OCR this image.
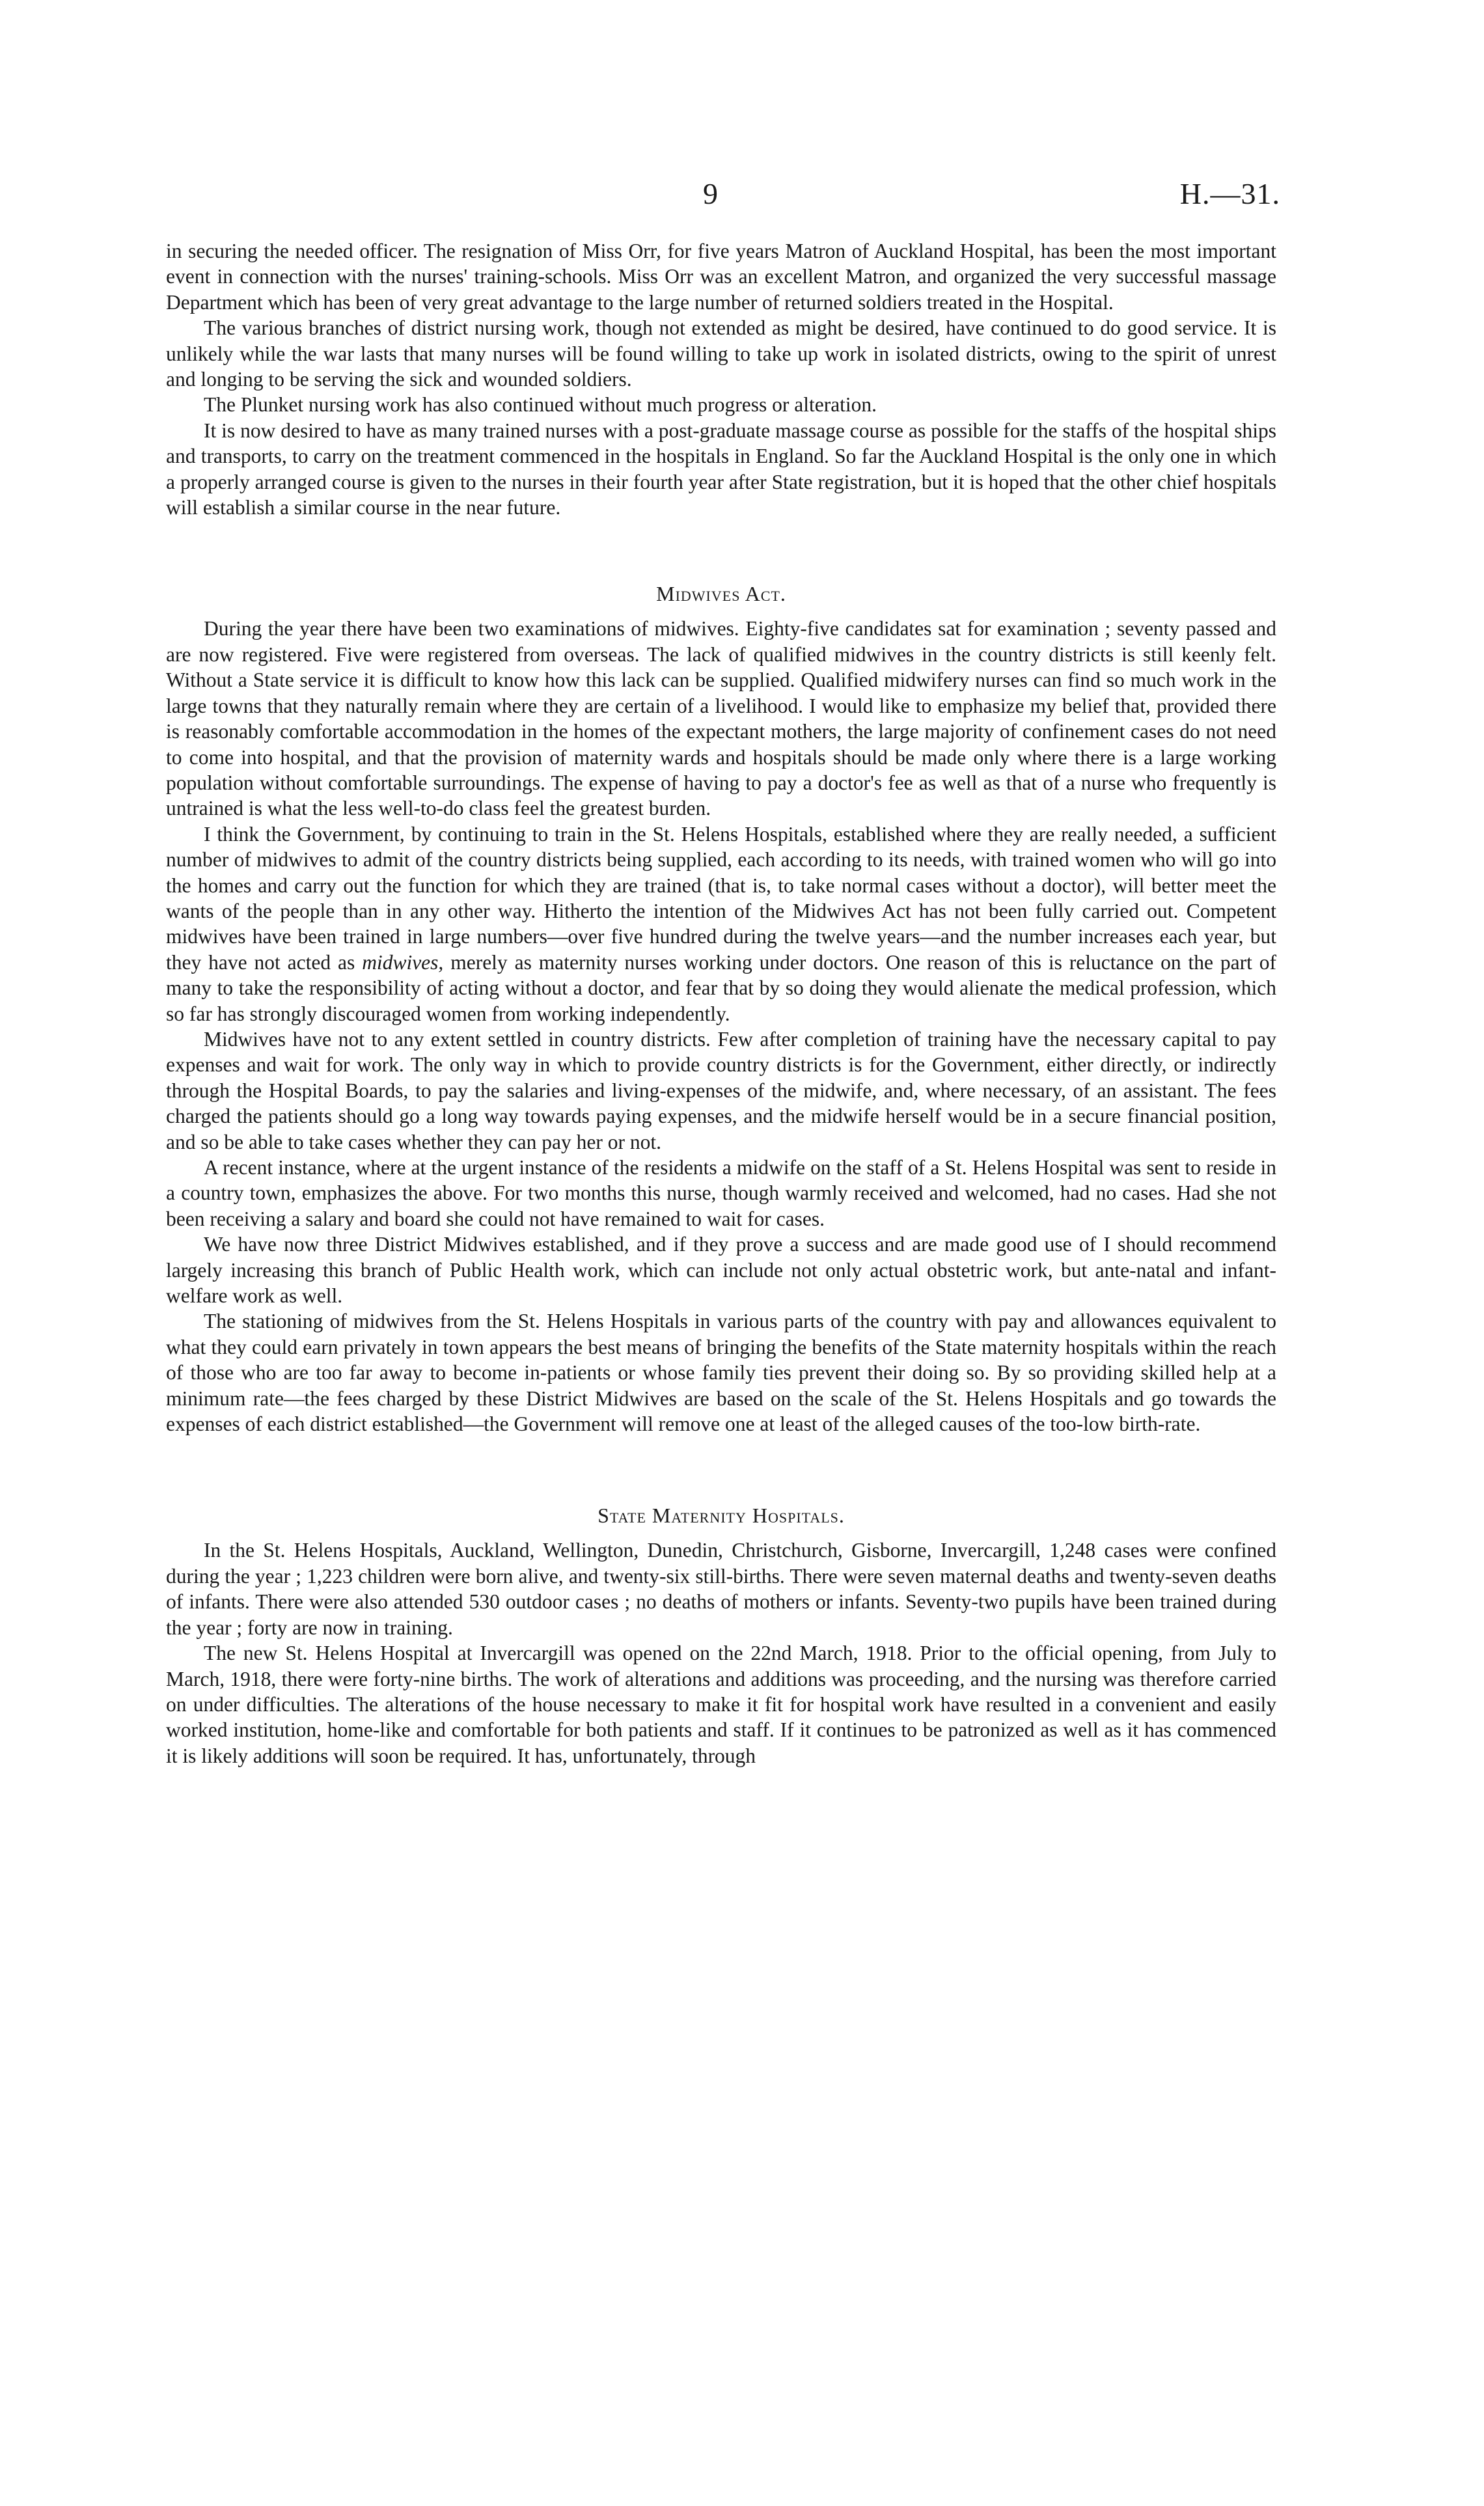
9	H.—31.

in securing the needed officer. The resignation of Miss Orr, for five years Matron of Auckland Hospital, has been the most important event in connection with the nurses' training-schools. Miss Orr was an excellent Matron, and organized the very successful massage Department which has been of very great advantage to the large number of returned soldiers treated in the Hospital.

The various branches of district nursing work, though not extended as might be desired, have continued to do good service. It is unlikely while the war lasts that many nurses will be found willing to take up work in isolated districts, owing to the spirit of unrest and longing to be serving the sick and wounded soldiers.

The Plunket nursing work has also continued without much progress or alteration.

It is now desired to have as many trained nurses with a post-graduate massage course as possible for the staffs of the hospital ships and transports, to carry on the treatment commenced in the hospitals in England. So far the Auckland Hospital is the only one in which a properly arranged course is given to the nurses in their fourth year after State registration, but it is hoped that the other chief hospitals will establish a similar course in the near future.

Midwives Act.

During the year there have been two examinations of midwives. Eighty-five candidates sat for examination ; seventy passed and are now registered. Five were registered from overseas. The lack of qualified midwives in the country districts is still keenly felt. Without a State service it is difficult to know how this lack can be supplied. Qualified midwifery nurses can find so much work in the large towns that they naturally remain where they are certain of a livelihood. I would like to emphasize my belief that, provided there is reasonably comfortable accommodation in the homes of the expectant mothers, the large majority of confinement cases do not need to come into hospital, and that the provision of maternity wards and hospitals should be made only where there is a large working population without comfortable surroundings. The expense of having to pay a doctor's fee as well as that of a nurse who frequently is untrained is what the less well-to-do class feel the greatest burden.

I think the Government, by continuing to train in the St. Helens Hospitals, established where they are really needed, a sufficient number of midwives to admit of the country districts being supplied, each according to its needs, with trained women who will go into the homes and carry out the function for which they are trained (that is, to take normal cases without a doctor), will better meet the wants of the people than in any other way. Hitherto the intention of the Midwives Act has not been fully carried out. Competent midwives have been trained in large numbers—over five hundred during the twelve years—and the number increases each year, but they have not acted as midwives, merely as maternity nurses working under doctors. One reason of this is reluctance on the part of many to take the responsibility of acting without a doctor, and fear that by so doing they would alienate the medical profession, which so far has strongly discouraged women from working independently.

Midwives have not to any extent settled in country districts. Few after completion of training have the necessary capital to pay expenses and wait for work. The only way in which to provide country districts is for the Government, either directly, or indirectly through the Hospital Boards, to pay the salaries and living-expenses of the midwife, and, where necessary, of an assistant. The fees charged the patients should go a long way towards paying expenses, and the midwife herself would be in a secure financial position, and so be able to take cases whether they can pay her or not.

A recent instance, where at the urgent instance of the residents a midwife on the staff of a St. Helens Hospital was sent to reside in a country town, emphasizes the above. For two months this nurse, though warmly received and welcomed, had no cases. Had she not been receiving a salary and board she could not have remained to wait for cases.

We have now three District Midwives established, and if they prove a success and are made good use of I should recommend largely increasing this branch of Public Health work, which can include not only actual obstetric work, but ante-natal and infant-welfare work as well.

The stationing of midwives from the St. Helens Hospitals in various parts of the country with pay and allowances equivalent to what they could earn privately in town appears the best means of bringing the benefits of the State maternity hospitals within the reach of those who are too far away to become in-patients or whose family ties prevent their doing so. By so providing skilled help at a minimum rate—the fees charged by these District Midwives are based on the scale of the St. Helens Hospitals and go towards the expenses of each district established—the Government will remove one at least of the alleged causes of the too-low birth-rate.

State Maternity Hospitals.

In the St. Helens Hospitals, Auckland, Wellington, Dunedin, Christchurch, Gisborne, Invercargill, 1,248 cases were confined during the year ; 1,223 children were born alive, and twenty-six still-births. There were seven maternal deaths and twenty-seven deaths of infants. There were also attended 530 outdoor cases ; no deaths of mothers or infants. Seventy-two pupils have been trained during the year ; forty are now in training.

The new St. Helens Hospital at Invercargill was opened on the 22nd March, 1918. Prior to the official opening, from July to March, 1918, there were forty-nine births. The work of alterations and additions was proceeding, and the nursing was therefore carried on under difficulties. The alterations of the house necessary to make it fit for hospital work have resulted in a convenient and easily worked institution, home-like and comfortable for both patients and staff. If it continues to be patronized as well as it has commenced it is likely additions will soon be required. It has, unfortunately, through
